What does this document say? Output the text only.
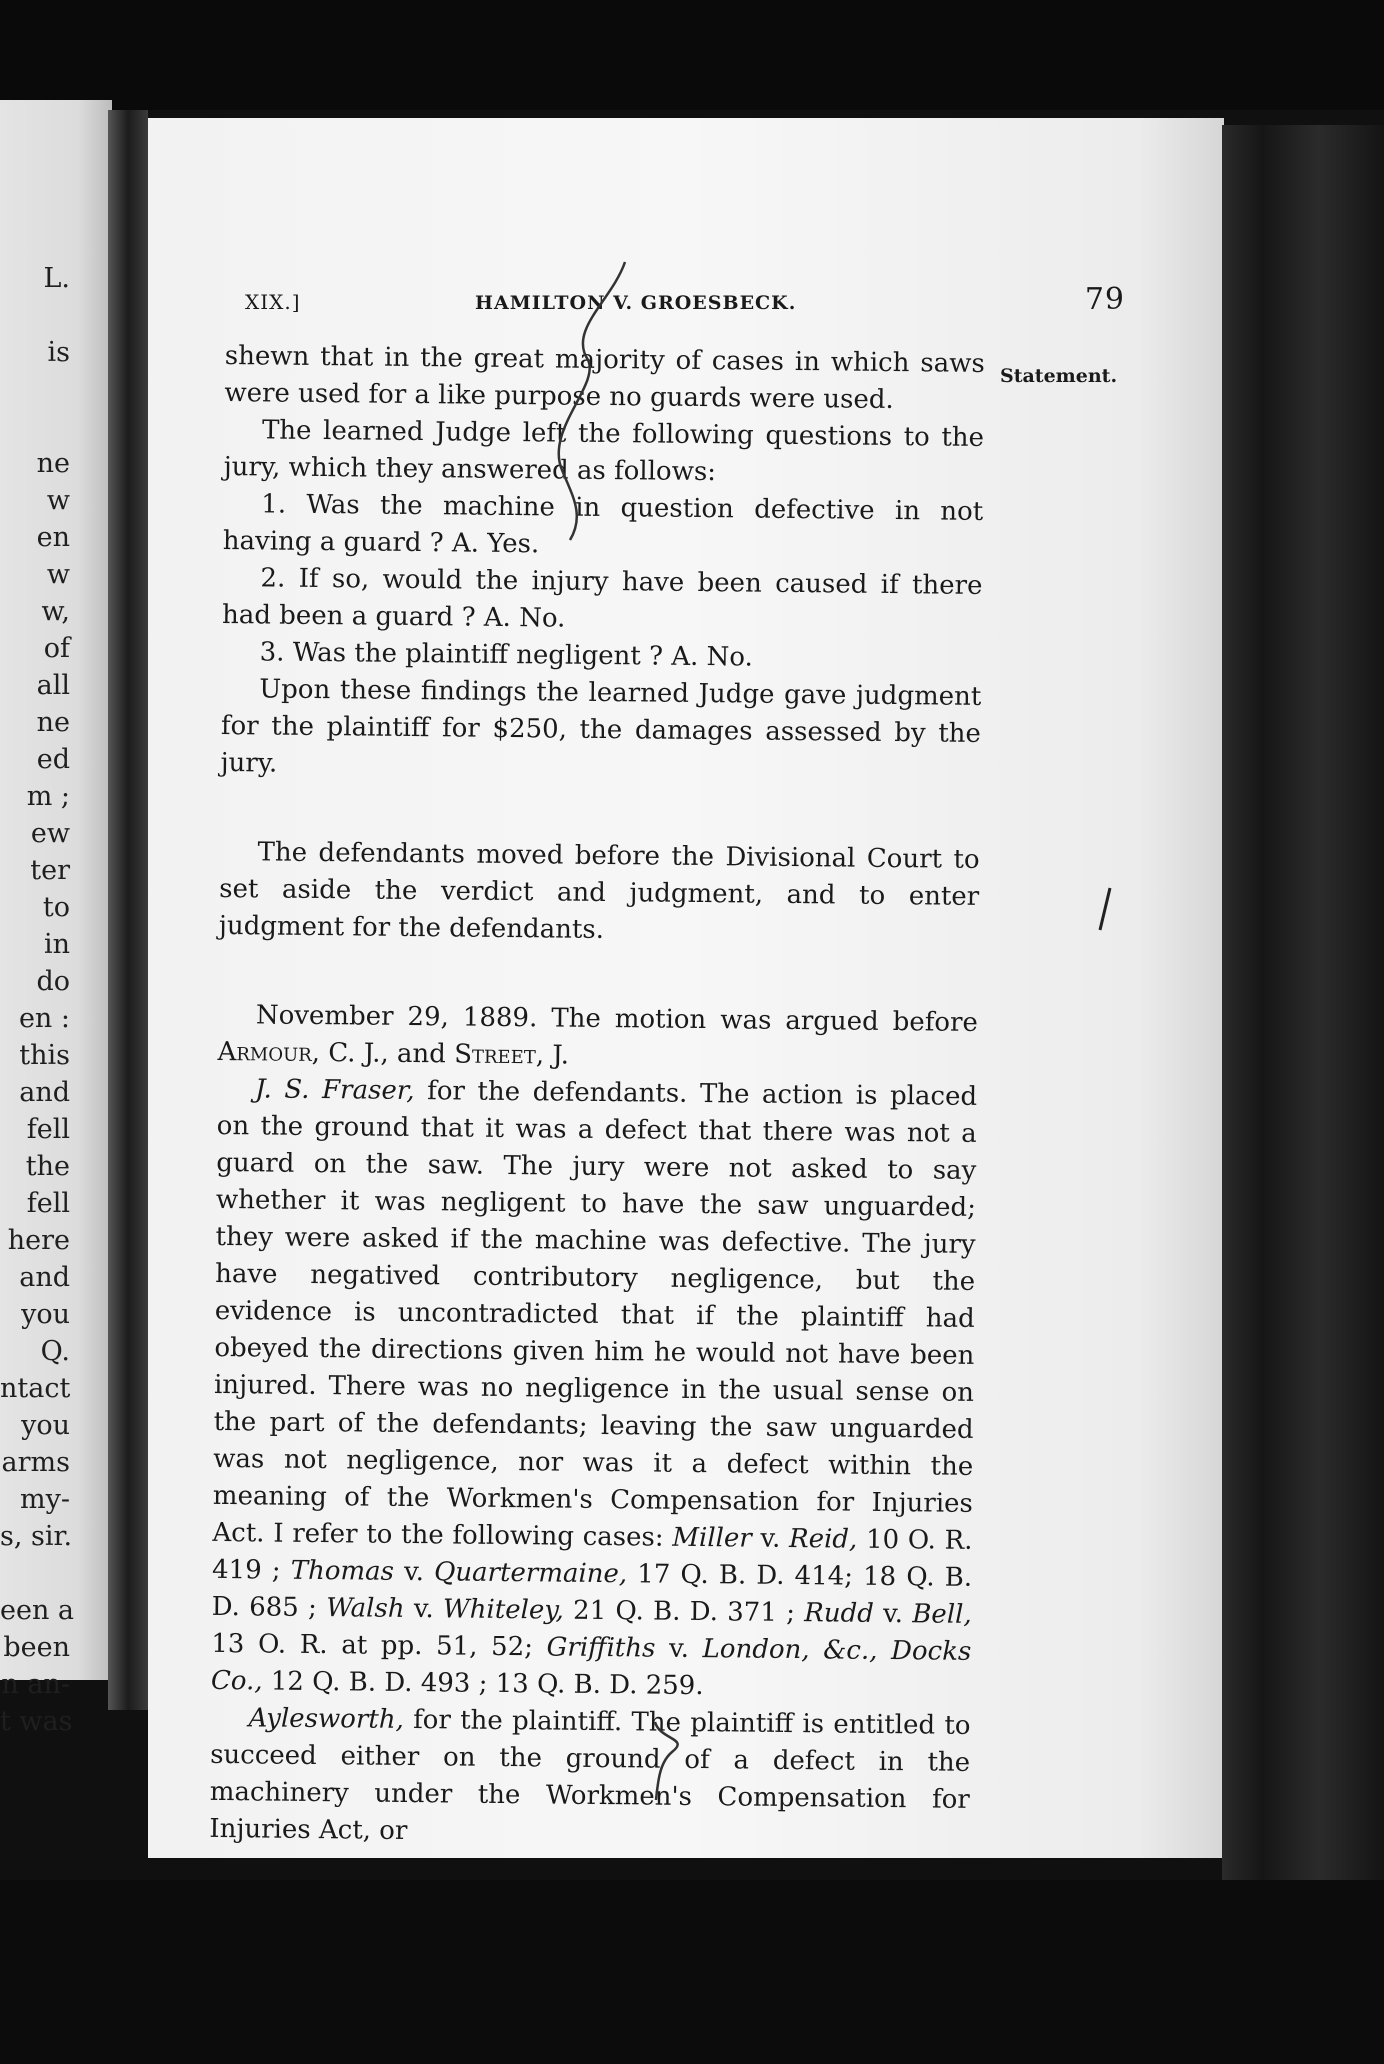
L.
is
ne
w
en
w
w,
of
all
ne
ed
m ;
ew
ter
to
in
do
en :
this
and
fell
the
fell
here
and
you
Q.
ntact
you
arms
my-
s, sir.
een a
been
n an-
t was
XIX.]	HAMILTON V. GROESBECK.	79
Statement.

shewn that in the great majority of cases in which saws were used for a like purpose no guards were used.

The learned Judge left the following questions to the jury, which they answered as follows:

1. Was the machine in question defective in not having a guard ? A. Yes.

2. If so, would the injury have been caused if there had been a guard ? A. No.

3. Was the plaintiff negligent ? A. No.

Upon these findings the learned Judge gave judgment for the plaintiff for $250, the damages assessed by the jury.

The defendants moved before the Divisional Court to set aside the verdict and judgment, and to enter judgment for the defendants.

November 29, 1889. The motion was argued before Armour, C. J., and Street, J.

J. S. Fraser, for the defendants. The action is placed on the ground that it was a defect that there was not a guard on the saw. The jury were not asked to say whether it was negligent to have the saw unguarded; they were asked if the machine was defective. The jury have negatived contributory negligence, but the evidence is uncontradicted that if the plaintiff had obeyed the directions given him he would not have been injured. There was no negligence in the usual sense on the part of the defendants; leaving the saw unguarded was not negligence, nor was it a defect within the meaning of the Workmen's Compensation for Injuries Act. I refer to the following cases: Miller v. Reid, 10 O. R. 419 ; Thomas v. Quartermaine, 17 Q. B. D. 414; 18 Q. B. D. 685 ; Walsh v. Whiteley, 21 Q. B. D. 371 ; Rudd v. Bell, 13 O. R. at pp. 51, 52; Griffiths v. London, &c., Docks Co., 12 Q. B. D. 493 ; 13 Q. B. D. 259.

Aylesworth, for the plaintiff. The plaintiff is entitled to succeed either on the ground of a defect in the machinery under the Workmen's Compensation for Injuries Act, or
